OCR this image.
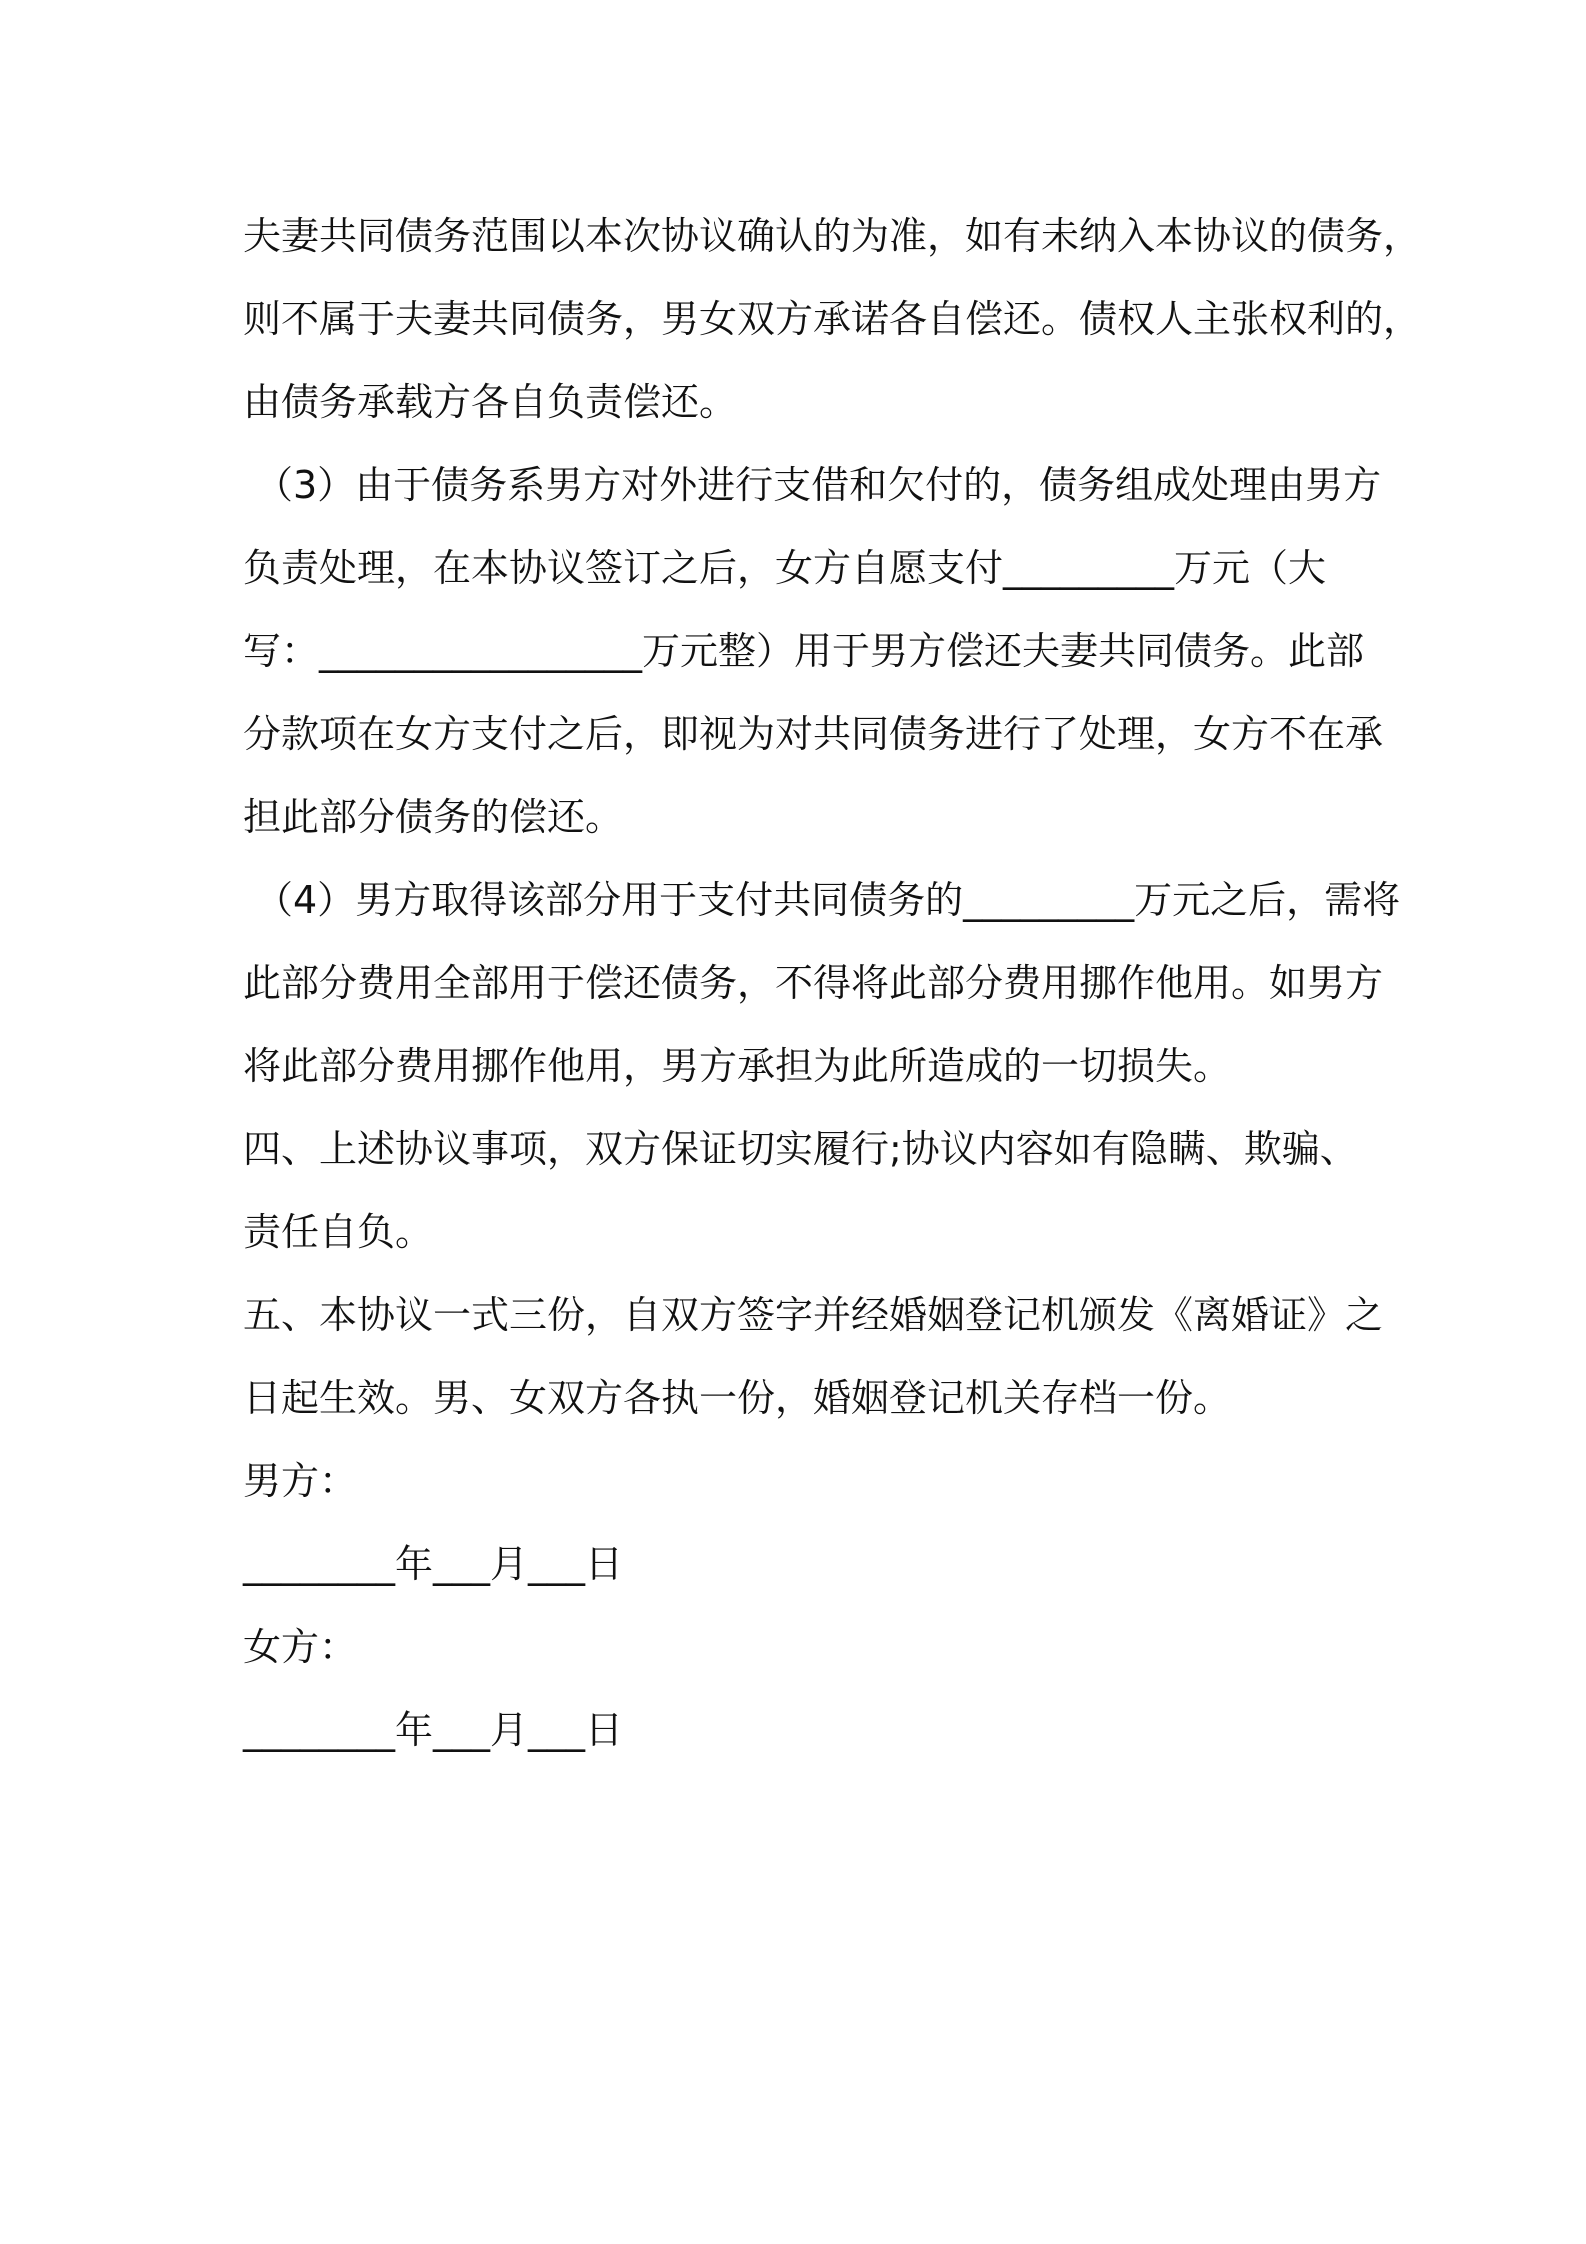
夫妻共同债务范围以本次协议确认的为准，如有未纳入本协议的债务，
则不属于夫妻共同债务，男女双方承诺各自偿还。债权人主张权利的，
由债务承载方各自负责偿还。
（3）由于债务系男方对外进行支借和欠付的，债务组成处理由男方
负责处理，在本协议签订之后，女方自愿支付_________万元（大
写：_________________万元整）用于男方偿还夫妻共同债务。此部
分款项在女方支付之后，即视为对共同债务进行了处理，女方不在承
担此部分债务的偿还。
（4）男方取得该部分用于支付共同债务的_________万元之后，需将
此部分费用全部用于偿还债务，不得将此部分费用挪作他用。如男方
将此部分费用挪作他用，男方承担为此所造成的一切损失。
四、上述协议事项，双方保证切实履行;协议内容如有隐瞒、欺骗、
责任自负。
五、本协议一式三份，自双方签字并经婚姻登记机颁发《离婚证》之
日起生效。男、女双方各执一份，婚姻登记机关存档一份。
男方：
________年___月___日
女方：
________年___月___日
